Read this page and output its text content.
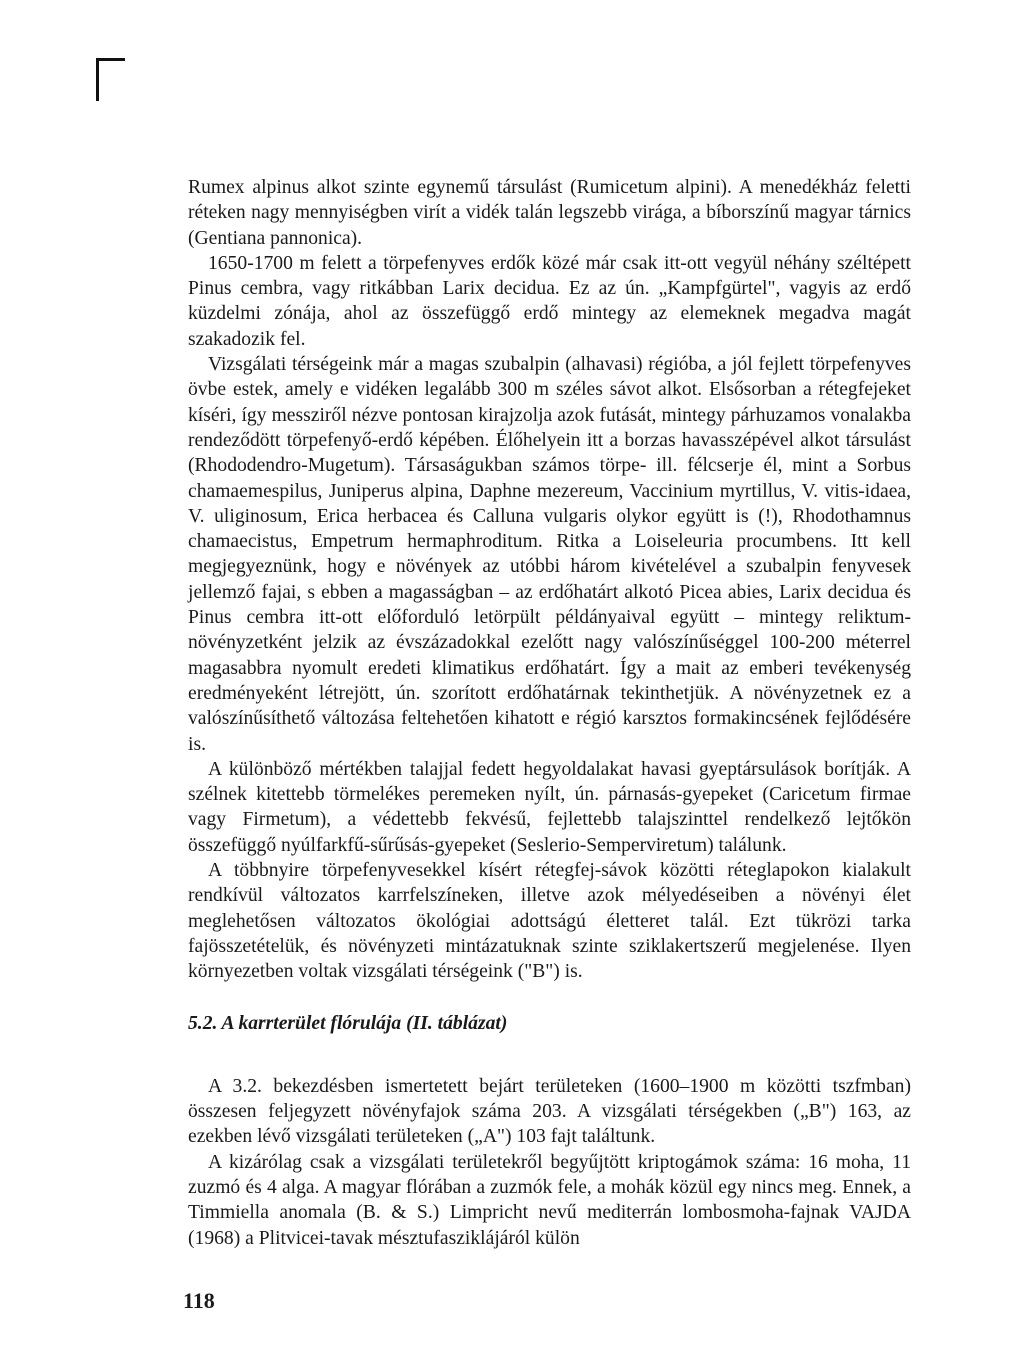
Rumex alpinus alkot szinte egynemű társulást (Rumicetum alpini). A menedékház feletti réteken nagy mennyiségben virít a vidék talán legszebb virága, a bíborszínű magyar tárnics (Gentiana pannonica).

1650-1700 m felett a törpefenyves erdők közé már csak itt-ott vegyül néhány széltépett Pinus cembra, vagy ritkábban Larix decidua. Ez az ún. „Kampfgürtel", vagyis az erdő küzdelmi zónája, ahol az összefüggő erdő mintegy az elemeknek megadva magát szakadozik fel.

Vizsgálati térségeink már a magas szubalpin (alhavasi) régióba, a jól fejlett törpefenyves övbe estek, amely e vidéken legalább 300 m széles sávot alkot. Elsősorban a rétegfejeket kíséri, így messziről nézve pontosan kirajzolja azok futását, mintegy párhuzamos vonalakba rendeződött törpefenyő-erdő képében. Élőhelyein itt a borzas havasszépével alkot társulást (Rhododendro-Mugetum). Társaságukban számos törpe- ill. félcserje él, mint a Sorbus chamaemespilus, Juniperus alpina, Daphne mezereum, Vaccinium myrtillus, V. vitis-idaea, V. uliginosum, Erica herbacea és Calluna vulgaris olykor együtt is (!), Rhodothamnus chamaecistus, Empetrum hermaphroditum. Ritka a Loiseleuria procumbens. Itt kell megjegyeznünk, hogy e növények az utóbbi három kivételével a szubalpin fenyvesek jellemző fajai, s ebben a magasságban – az erdőhatárt alkotó Picea abies, Larix decidua és Pinus cembra itt-ott előforduló letörpült példányaival együtt – mintegy reliktum-növényzetként jelzik az évszázadokkal ezelőtt nagy valószínűséggel 100-200 méterrel magasabbra nyomult eredeti klimatikus erdőhatárt. Így a mait az emberi tevékenység eredményeként létrejött, ún. szorított erdőhatárnak tekinthetjük. A növényzetnek ez a valószínűsíthető változása feltehetően kihatott e régió karsztos formakincsének fejlődésére is.

A különböző mértékben talajjal fedett hegyoldalakat havasi gyeptársulások borítják. A szélnek kitettebb törmelékes peremeken nyílt, ún. párnasás-gyepeket (Caricetum firmae vagy Firmetum), a védettebb fekvésű, fejlettebb talajszinttel rendelkező lejtőkön összefüggő nyúlfarkfű-sűrűsás-gyepeket (Seslerio-Semperviretum) találunk.

A többnyire törpefenyvesekkel kísért rétegfej-sávok közötti réteglapokon kialakult rendkívül változatos karrfelszíneken, illetve azok mélyedéseiben a növényi élet meglehetősen változatos ökológiai adottságú életteret talál. Ezt tükrözi tarka fajösszetételük, és növényzeti mintázatuknak szinte sziklakertszerű megjelenése. Ilyen környezetben voltak vizsgálati térségeink ("B") is.

5.2. A karrterület flórulája (II. táblázat)

A 3.2. bekezdésben ismertetett bejárt területeken (1600–1900 m közötti tszfmban) összesen feljegyzett növényfajok száma 203. A vizsgálati térségekben („B") 163, az ezekben lévő vizsgálati területeken („A") 103 fajt találtunk.

A kizárólag csak a vizsgálati területekről begyűjtött kriptogámok száma: 16 moha, 11 zuzmó és 4 alga. A magyar flórában a zuzmók fele, a mohák közül egy nincs meg. Ennek, a Timmiella anomala (B. & S.) Limpricht nevű mediterrán lombosmoha-fajnak VAJDA (1968) a Plitvicei-tavak mésztufasziklájáról külön

118
